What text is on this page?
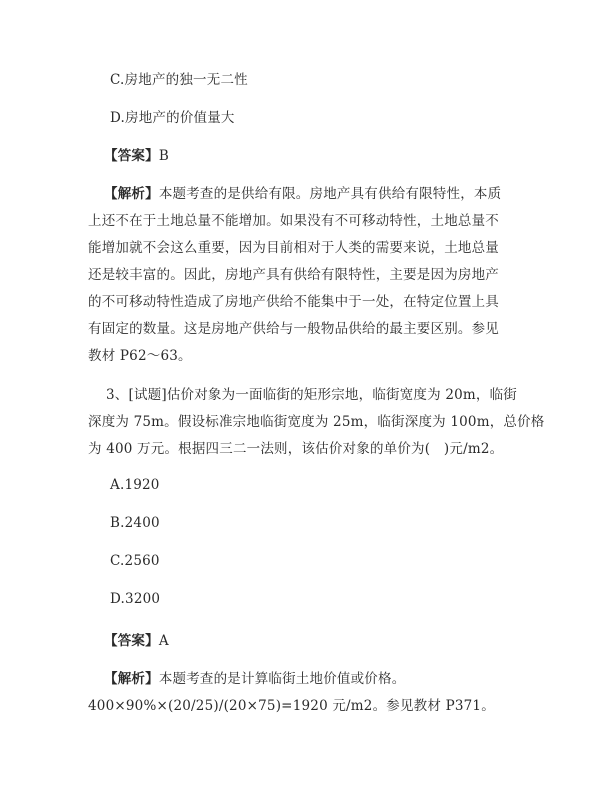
C.房地产的独一无二性
D.房地产的价值量大
【答案】B
【解析】本题考查的是供给有限。房地产具有供给有限特性，本质
上还不在于土地总量不能增加。如果没有不可移动特性，土地总量不
能增加就不会这么重要，因为目前相对于人类的需要来说，土地总量
还是较丰富的。因此，房地产具有供给有限特性，主要是因为房地产
的不可移动特性造成了房地产供给不能集中于一处，在特定位置上具
有固定的数量。这是房地产供给与一般物品供给的最主要区别。参见
教材 P62～63。
3、[试题]估价对象为一面临街的矩形宗地，临街宽度为 20m，临街
深度为 75m。假设标准宗地临街宽度为 25m，临街深度为 100m，总价格
为 400 万元。根据四三二一法则，该估价对象的单价为(　)元/m2。
A.1920
B.2400
C.2560
D.3200
【答案】A
【解析】本题考查的是计算临街土地价值或价格。
400×90%×(20/25)/(20×75)=1920 元/m2。参见教材 P371。
